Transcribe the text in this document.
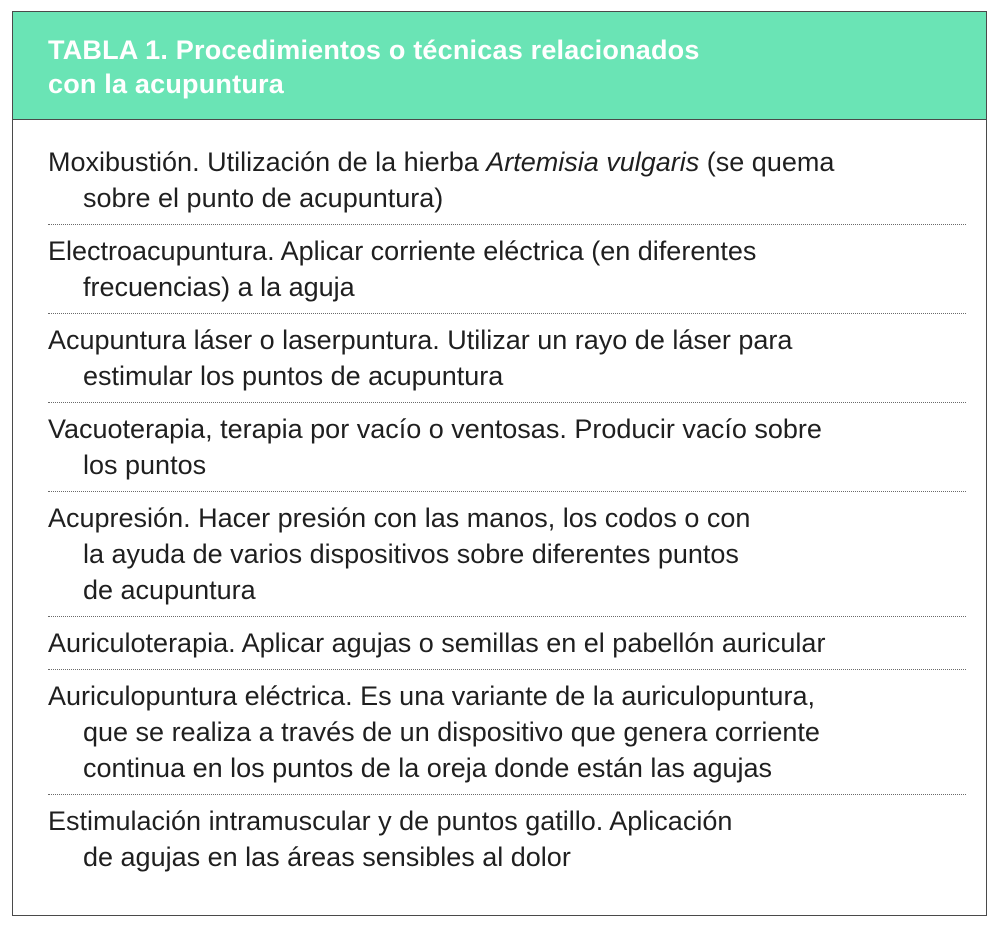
TABLA 1. Procedimientos o técnicas relacionados
con la acupuntura
Moxibustión. Utilización de la hierba Artemisia vulgaris (se quema
sobre el punto de acupuntura)
Electroacupuntura. Aplicar corriente eléctrica (en diferentes
frecuencias) a la aguja
Acupuntura láser o laserpuntura. Utilizar un rayo de láser para
estimular los puntos de acupuntura
Vacuoterapia, terapia por vacío o ventosas. Producir vacío sobre
los puntos
Acupresión. Hacer presión con las manos, los codos o con
la ayuda de varios dispositivos sobre diferentes puntos
de acupuntura
Auriculoterapia. Aplicar agujas o semillas en el pabellón auricular
Auriculopuntura eléctrica. Es una variante de la auriculopuntura,
que se realiza a través de un dispositivo que genera corriente
continua en los puntos de la oreja donde están las agujas
Estimulación intramuscular y de puntos gatillo. Aplicación
de agujas en las áreas sensibles al dolor
